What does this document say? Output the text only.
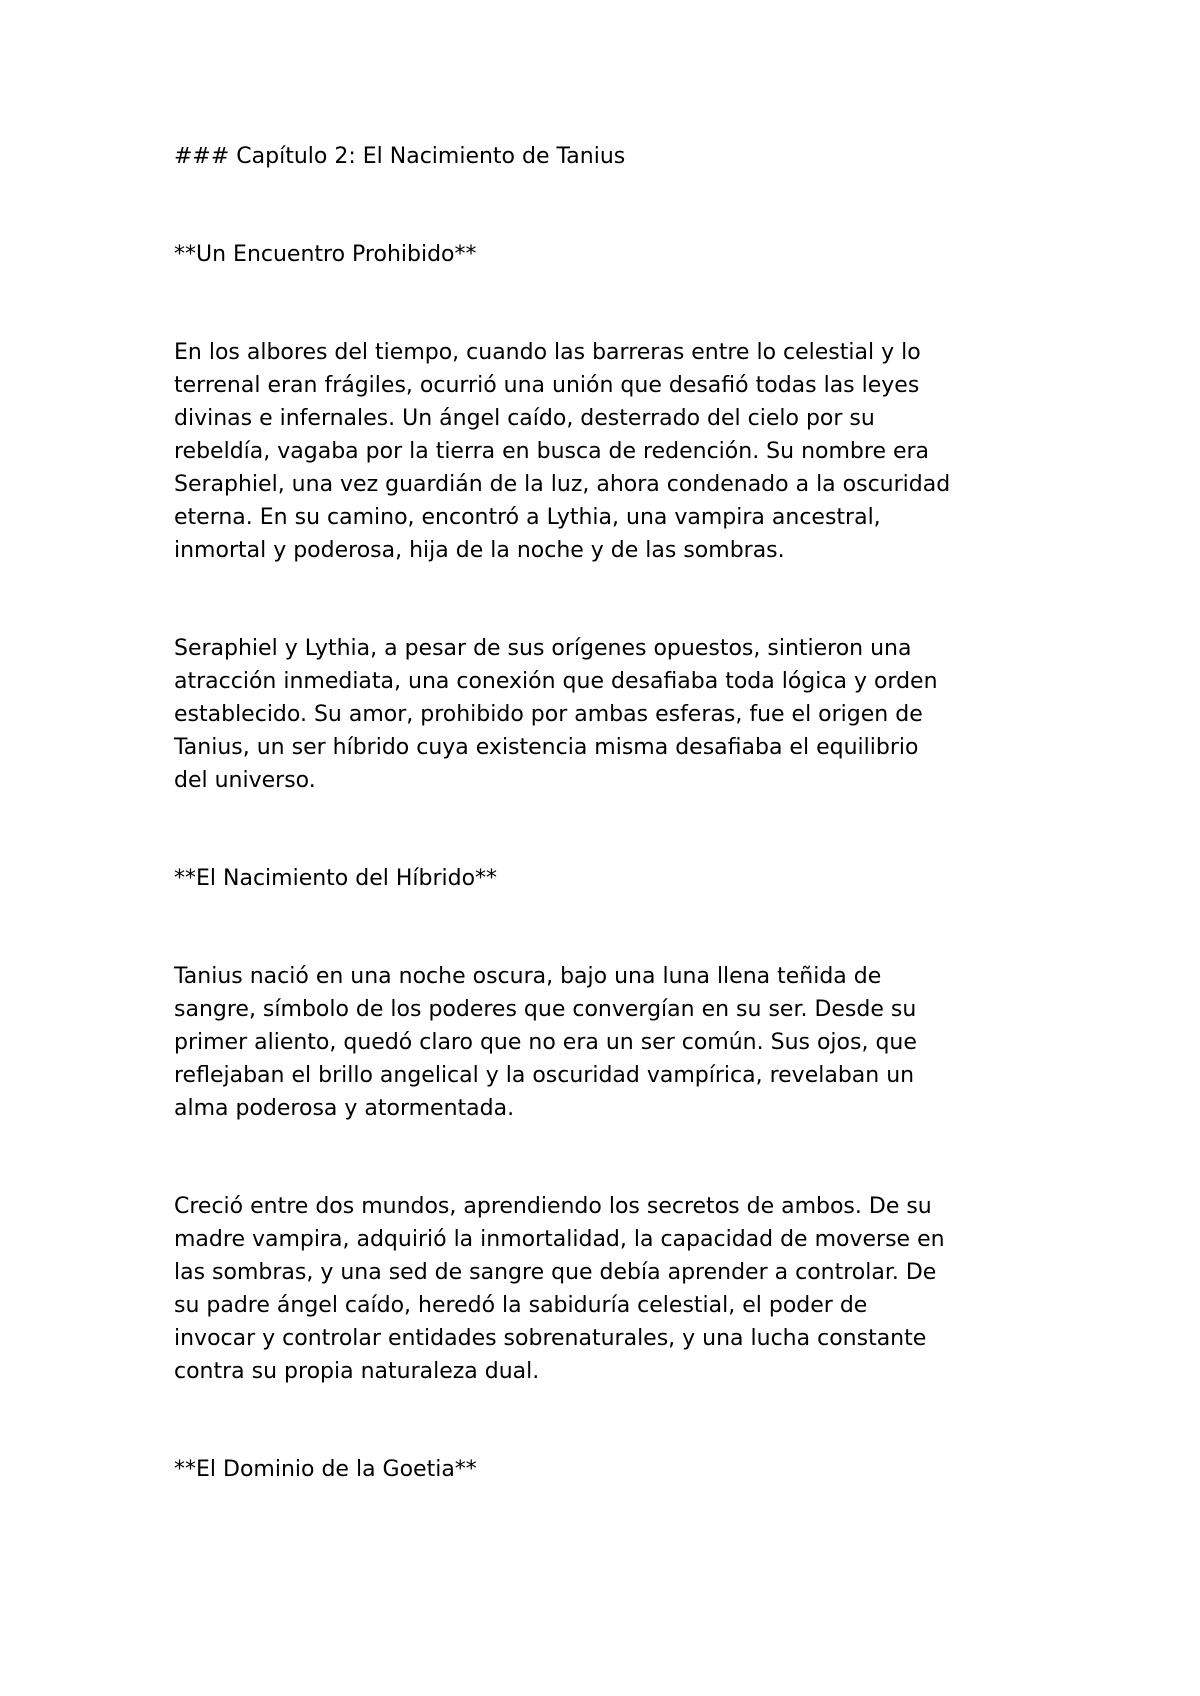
### Capítulo 2: El Nacimiento de Tanius
**Un Encuentro Prohibido**
En los albores del tiempo, cuando las barreras entre lo celestial y lo
terrenal eran frágiles, ocurrió una unión que desafió todas las leyes
divinas e infernales. Un ángel caído, desterrado del cielo por su
rebeldía, vagaba por la tierra en busca de redención. Su nombre era
Seraphiel, una vez guardián de la luz, ahora condenado a la oscuridad
eterna. En su camino, encontró a Lythia, una vampira ancestral,
inmortal y poderosa, hija de la noche y de las sombras.
Seraphiel y Lythia, a pesar de sus orígenes opuestos, sintieron una
atracción inmediata, una conexión que desafiaba toda lógica y orden
establecido. Su amor, prohibido por ambas esferas, fue el origen de
Tanius, un ser híbrido cuya existencia misma desafiaba el equilibrio
del universo.
**El Nacimiento del Híbrido**
Tanius nació en una noche oscura, bajo una luna llena teñida de
sangre, símbolo de los poderes que convergían en su ser. Desde su
primer aliento, quedó claro que no era un ser común. Sus ojos, que
reflejaban el brillo angelical y la oscuridad vampírica, revelaban un
alma poderosa y atormentada.
Creció entre dos mundos, aprendiendo los secretos de ambos. De su
madre vampira, adquirió la inmortalidad, la capacidad de moverse en
las sombras, y una sed de sangre que debía aprender a controlar. De
su padre ángel caído, heredó la sabiduría celestial, el poder de
invocar y controlar entidades sobrenaturales, y una lucha constante
contra su propia naturaleza dual.
**El Dominio de la Goetia**
